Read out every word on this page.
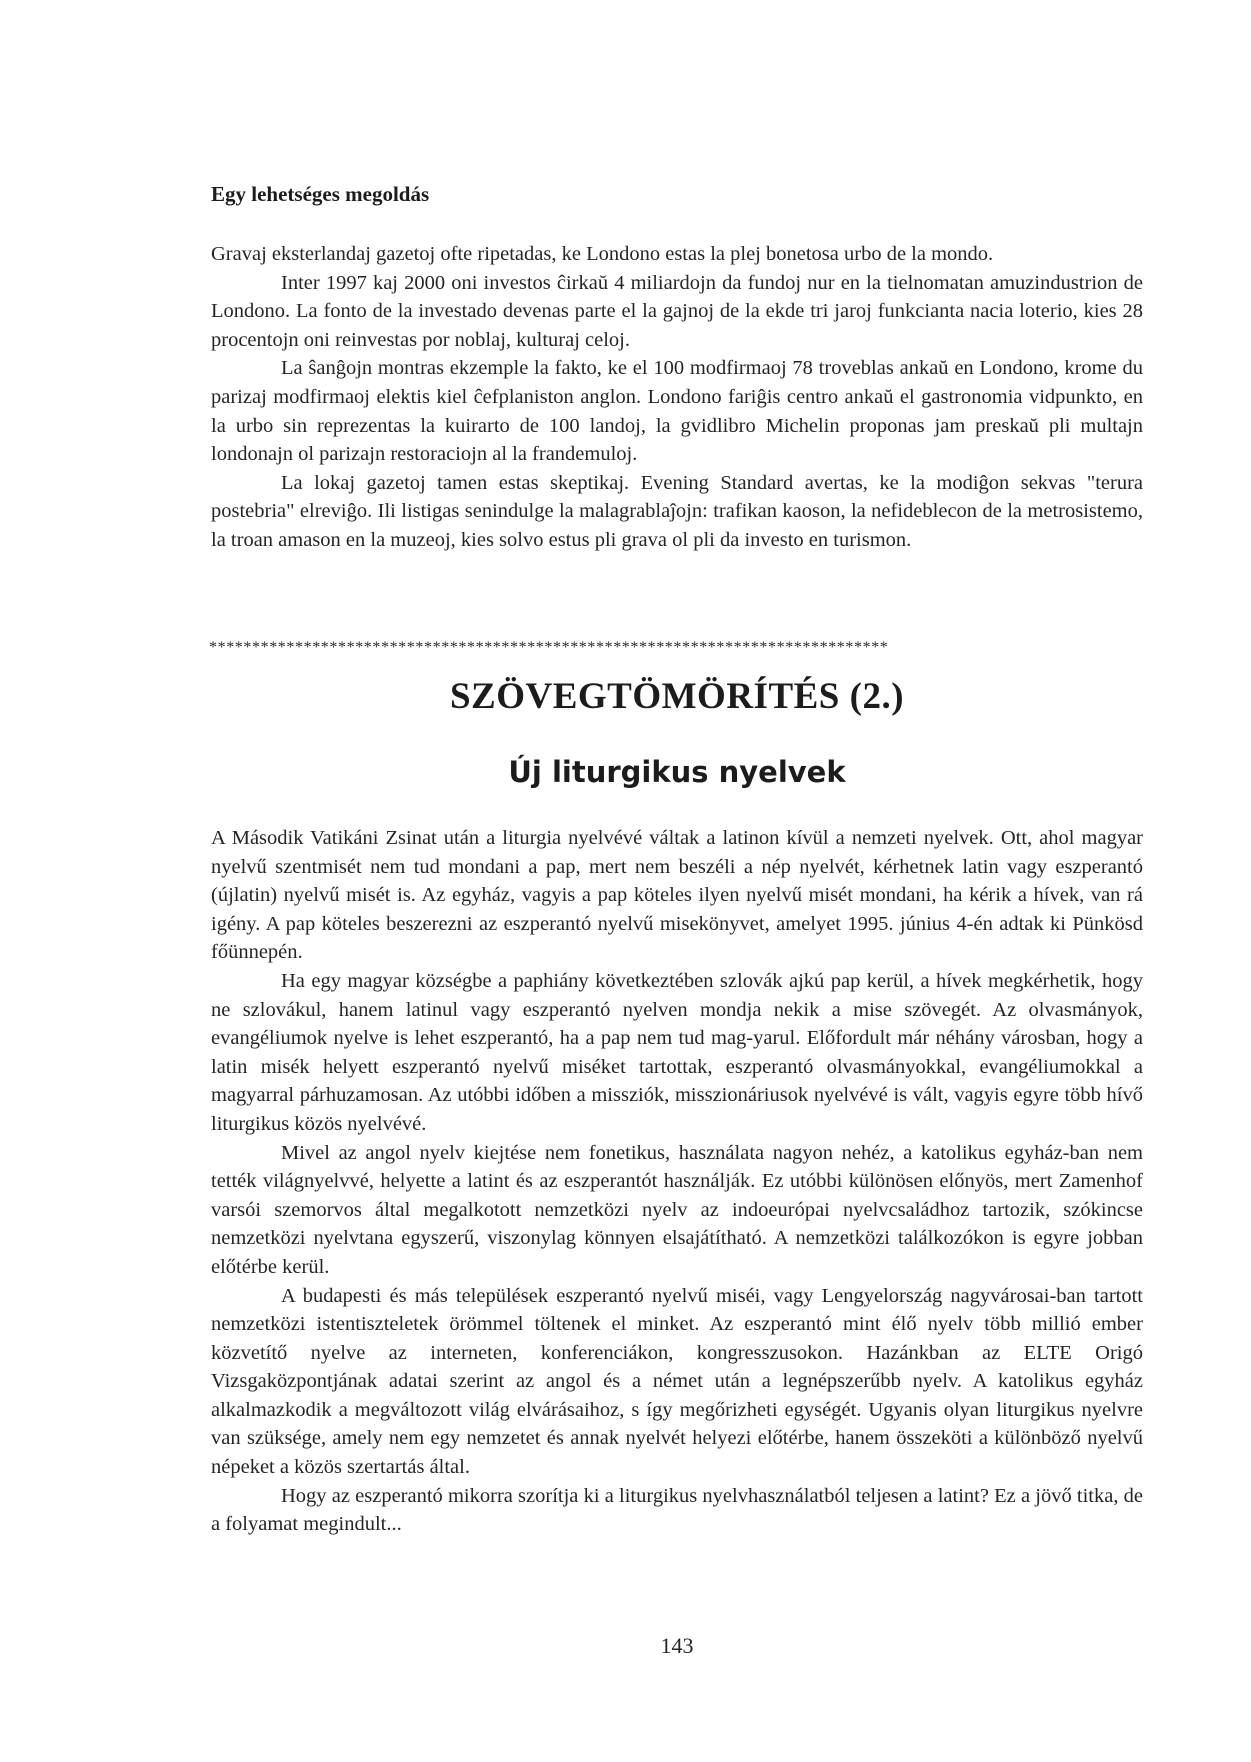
Egy lehetséges megoldás

Gravaj eksterlandaj gazetoj ofte ripetadas, ke Londono estas la plej bonetosa urbo de la mondo.

Inter 1997 kaj 2000 oni investos ĉirkaŭ 4 miliardojn da fundoj nur en la tielnomatan amuzindustrion de Londono. La fonto de la investado devenas parte el la gajnoj de la ekde tri jaroj funkcianta nacia loterio, kies 28 procentojn oni reinvestas por noblaj, kulturaj celoj.

La ŝanĝojn montras ekzemple la fakto, ke el 100 modfirmaoj 78 troveblas ankaŭ en Londono, krome du parizaj modfirmaoj elektis kiel ĉefplaniston anglon. Londono fariĝis centro ankaŭ el gastronomia vidpunkto, en la urbo sin reprezentas la kuirarto de 100 landoj, la gvidlibro Michelin proponas jam preskaŭ pli multajn londonajn ol parizajn restoraciojn al la frandemuloj.

La lokaj gazetoj tamen estas skeptikaj. Evening Standard avertas, ke la modiĝon sekvas "terura postebria" elreviĝo. Ili listigas senindulge la malagrablaĵojn: trafikan kaoson, la nefideblecon de la metrosistemo, la troan amason en la muzeoj, kies solvo estus pli grava ol pli da investo en turismon.

*******************************************************************************
SZÖVEGTÖMÖRÍTÉS (2.)
Új liturgikus nyelvek

A Második Vatikáni Zsinat után a liturgia nyelvévé váltak a latinon kívül a nemzeti nyelvek. Ott, ahol magyar nyelvű szentmisét nem tud mondani a pap, mert nem beszéli a nép nyelvét, kérhetnek latin vagy eszperantó (újlatin) nyelvű misét is. Az egyház, vagyis a pap köteles ilyen nyelvű misét mondani, ha kérik a hívek, van rá igény. A pap köteles beszerezni az eszperantó nyelvű misekönyvet, amelyet 1995. június 4-én adtak ki Pünkösd főünnepén.

Ha egy magyar községbe a paphiány következtében szlovák ajkú pap kerül, a hívek megkérhetik, hogy ne szlovákul, hanem latinul vagy eszperantó nyelven mondja nekik a mise szövegét. Az olvasmányok, evangéliumok nyelve is lehet eszperantó, ha a pap nem tud mag-yarul. Előfordult már néhány városban, hogy a latin misék helyett eszperantó nyelvű miséket tartottak, eszperantó olvasmányokkal, evangéliumokkal a magyarral párhuzamosan. Az utóbbi időben a missziók, misszionáriusok nyelvévé is vált, vagyis egyre több hívő liturgikus közös nyelvévé.

Mivel az angol nyelv kiejtése nem fonetikus, használata nagyon nehéz, a katolikus egyház-ban nem tették világnyelvvé, helyette a latint és az eszperantót használják. Ez utóbbi különösen előnyös, mert Zamenhof varsói szemorvos által megalkotott nemzetközi nyelv az indoeurópai nyelvcsaládhoz tartozik, szókincse nemzetközi nyelvtana egyszerű, viszonylag könnyen elsajátítható. A nemzetközi találkozókon is egyre jobban előtérbe kerül.

A budapesti és más települések eszperantó nyelvű miséi, vagy Lengyelország nagyvárosai-ban tartott nemzetközi istentiszteletek örömmel töltenek el minket. Az eszperantó mint élő nyelv több millió ember közvetítő nyelve az interneten, konferenciákon, kongresszusokon. Hazánkban az ELTE Origó Vizsgaközpontjának adatai szerint az angol és a német után a legnépszerűbb nyelv. A katolikus egyház alkalmazkodik a megváltozott világ elvárásaihoz, s így megőrizheti egységét. Ugyanis olyan liturgikus nyelvre van szüksége, amely nem egy nemzetet és annak nyelvét helyezi előtérbe, hanem összeköti a különböző nyelvű népeket a közös szertartás által.

Hogy az eszperantó mikorra szorítja ki a liturgikus nyelvhasználatból teljesen a latint? Ez a jövő titka, de a folyamat megindult...

143
